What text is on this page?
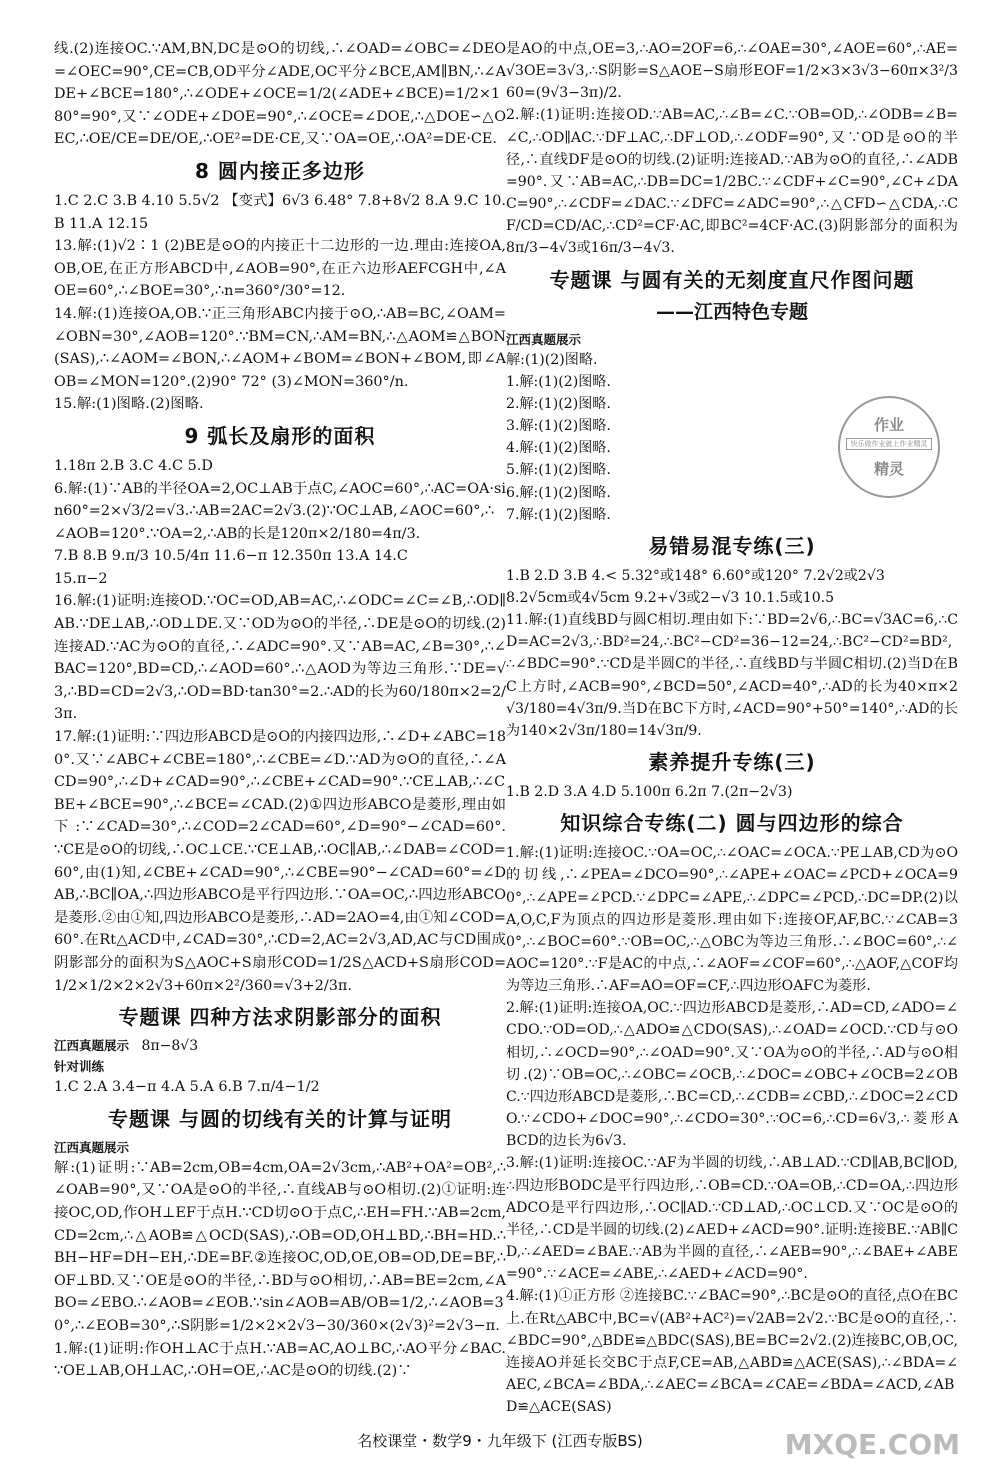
线.(2)连接OC.∵AM,BN,DC是⊙O的切线,∴∠OAD=∠OBC=∠DEO=∠OEC=90°,CE=CB,OD平分∠ADE,OC平分∠BCE,AM∥BN,∴∠ADE+∠BCE=180°,∴∠ODE+∠OCE=1/2(∠ADE+∠BCE)=1/2×180°=90°,又∵∠ODE+∠DOE=90°,∴∠OCE=∠DOE,∴△DOE∽△OEC,∴OE/CE=DE/OE,∴OE²=DE·CE,又∵OA=OE,∴OA²=DE·CE.

8 圆内接正多边形

1.C 2.C 3.B 4.10 5.5√2 【变式】6√3 6.48° 7.8+8√2 8.A 9.C 10.B 11.A 12.15

13.解:(1)√2∶1 (2)BE是⊙O的内接正十二边形的一边.理由:连接OA,OB,OE,在正方形ABCD中,∠AOB=90°,在正六边形AEFCGH中,∠AOE=60°,∴∠BOE=30°,∴n=360°/30°=12.

14.解:(1)连接OA,OB.∵正三角形ABC内接于⊙O,∴AB=BC,∠OAM=∠OBN=30°,∠AOB=120°.∵BM=CN,∴AM=BN,∴△AOM≌△BON(SAS),∴∠AOM=∠BON,∴∠AOM+∠BOM=∠BON+∠BOM,即∠AOB=∠MON=120°.(2)90° 72° (3)∠MON=360°/n.

15.解:(1)图略.(2)图略.

9 弧长及扇形的面积

1.18π 2.B 3.C 4.C 5.D

6.解:(1)∵AB的半径OA=2,OC⊥AB于点C,∠AOC=60°,∴AC=OA·sin60°=2×√3/2=√3.∴AB=2AC=2√3.(2)∵OC⊥AB,∠AOC=60°,∴∠AOB=120°.∵OA=2,∴AB的长是120π×2/180=4π/3.

7.B 8.B 9.π/3 10.5/4π 11.6−π 12.350π 13.A 14.C

15.π−2

16.解:(1)证明:连接OD.∵OC=OD,AB=AC,∴∠ODC=∠C=∠B,∴OD∥AB.∵DE⊥AB,∴OD⊥DE.又∵OD为⊙O的半径,∴DE是⊙O的切线.(2)连接AD.∵AC为⊙O的直径,∴∠ADC=90°.又∵AB=AC,∠B=30°,∴∠BAC=120°,BD=CD,∴∠AOD=60°.∴△AOD为等边三角形.∵DE=√3,∴BD=CD=2√3,∴OD=BD·tan30°=2.∴AD的长为60/180π×2=2/3π.

17.解:(1)证明:∵四边形ABCD是⊙O的内接四边形,∴∠D+∠ABC=180°.又∵∠ABC+∠CBE=180°,∴∠CBE=∠D.∵AD为⊙O的直径,∴∠ACD=90°,∴∠D+∠CAD=90°,∴∠CBE+∠CAD=90°.∵CE⊥AB,∴∠CBE+∠BCE=90°,∴∠BCE=∠CAD.(2)①四边形ABCO是菱形,理由如下:∵∠CAD=30°,∴∠COD=2∠CAD=60°,∠D=90°−∠CAD=60°.∵CE是⊙O的切线,∴OC⊥CE.∵CE⊥AB,∴OC∥AB,∴∠DAB=∠COD=60°,由(1)知,∠CBE+∠CAD=90°,∴∠CBE=90°−∠CAD=60°=∠DAB,∴BC∥OA,∴四边形ABCO是平行四边形.∵OA=OC,∴四边形ABCO是菱形.②由①知,四边形ABCO是菱形,∴AD=2AO=4,由①知∠COD=60°.在Rt△ACD中,∠CAD=30°,∴CD=2,AC=2√3,AD,AC与CD围成阴影部分的面积为S△AOC+S扇形COD=1/2S△ACD+S扇形COD=1/2×1/2×2×2√3+60π×2²/360=√3+2/3π.

专题课 四种方法求阴影部分的面积
江西真题展示　 8π−8√3
针对训练

1.C 2.A 3.4−π 4.A 5.A 6.B 7.π/4−1/2

专题课 与圆的切线有关的计算与证明
江西真题展示

解:(1)证明:∵AB=2cm,OB=4cm,OA=2√3cm,∴AB²+OA²=OB²,∴∠OAB=90°,又∵OA是⊙O的半径,∴直线AB与⊙O相切.(2)①证明:连接OC,OD,作OH⊥EF于点H.∵CD切⊙O于点C,∴EH=FH.∵AB=2cm,CD=2cm,∴△AOB≌△OCD(SAS),∴OB=OD,OH⊥BD,∴BH=HD.∴BH−HF=DH−EH,∴DE=BF.②连接OC,OD,OE,OB=OD,DE=BF,∴OF⊥BD.又∵OE是⊙O的半径,∴BD与⊙O相切,∴AB=BE=2cm,∠ABO=∠EBO.∴∠AOB=∠EOB.∵sin∠AOB=AB/OB=1/2,∴∠AOB=30°,∴∠EOB=30°,∴S阴影=1/2×2×2√3−30/360×(2√3)²=2√3−π.

1.解:(1)证明:作OH⊥AC于点H.∵AB=AC,AO⊥BC,∴AO平分∠BAC.∵OE⊥AB,OH⊥AC,∴OH=OE,∴AC是⊙O的切线.(2)∵

是AO的中点,OE=3,∴AO=2OF=6,∴∠OAE=30°,∠AOE=60°,∴AE=√3OE=3√3,∴S阴影=S△AOE−S扇形EOF=1/2×3×3√3−60π×3²/360=(9√3−3π)/2.

2.解:(1)证明:连接OD.∵AB=AC,∴∠B=∠C.∵OB=OD,∴∠ODB=∠B=∠C,∴OD∥AC.∵DF⊥AC,∴DF⊥OD,∴∠ODF=90°,又∵OD是⊙O的半径,∴直线DF是⊙O的切线.(2)证明:连接AD.∵AB为⊙O的直径,∴∠ADB=90°.又∵AB=AC,∴DB=DC=1/2BC.∵∠CDF+∠C=90°,∠C+∠DAC=90°,∴∠CDF=∠DAC.∵∠DFC=∠ADC=90°,∴△CFD∽△CDA,∴CF/CD=CD/AC,∴CD²=CF·AC,即BC²=4CF·AC.(3)阴影部分的面积为8π/3−4√3或16π/3−4√3.

专题课 与圆有关的无刻度直尺作图问题
——江西特色专题
江西真题展示

解:(1)(2)图略.

1.解:(1)(2)图略.

2.解:(1)(2)图略.

3.解:(1)(2)图略.

4.解:(1)(2)图略.

5.解:(1)(2)图略.

6.解:(1)(2)图略.

7.解:(1)(2)图略.

易错易混专练(三)

1.B 2.D 3.B 4.< 5.32°或148° 6.60°或120° 7.2√2或2√3

8.2√5cm或4√5cm 9.2+√3或2−√3 10.1.5或10.5

11.解:(1)直线BD与圆C相切.理由如下:∵BD=2√6,∴BC=√3AC=6,∴CD=AC=2√3,∴BD²=24,∴BC²−CD²=36−12=24,∴BC²−CD²=BD²,∴∠BDC=90°.∵CD是半圆C的半径,∴直线BD与半圆C相切.(2)当D在BC上方时,∠ACB=90°,∠BCD=50°,∠ACD=40°,∴AD的长为40×π×2√3/180=4√3π/9.当D在BC下方时,∠ACD=90°+50°=140°,∴AD的长为140×2√3π/180=14√3π/9.

素养提升专练(三)

1.B 2.D 3.A 4.D 5.100π 6.2π 7.(2π−2√3)

知识综合专练(二) 圆与四边形的综合

1.解:(1)证明:连接OC.∵OA=OC,∴∠OAC=∠OCA.∵PE⊥AB,CD为⊙O的切线,∴∠PEA=∠DCO=90°,∴∠APE+∠OAC=∠PCD+∠OCA=90°,∴∠APE=∠PCD.∵∠DPC=∠APE,∴∠DPC=∠PCD,∴DC=DP.(2)以A,O,C,F为顶点的四边形是菱形.理由如下:连接OF,AF,BC.∵∠CAB=30°,∴∠BOC=60°.∵OB=OC,∴△OBC为等边三角形.∴∠BOC=60°,∴∠AOC=120°.∵F是AC的中点,∴∠AOF=∠COF=60°,∴△AOF,△COF均为等边三角形.∴AF=AO=OF=CF,∴四边形OAFC为菱形.

2.解:(1)证明:连接OA,OC.∵四边形ABCD是菱形,∴AD=CD,∠ADO=∠CDO.∵OD=OD,∴△ADO≌△CDO(SAS),∴∠OAD=∠OCD.∵CD与⊙O相切,∴∠OCD=90°,∴∠OAD=90°.又∵OA为⊙O的半径,∴AD与⊙O相切.(2)∵OB=OC,∴∠OBC=∠OCB,∴∠DOC=∠OBC+∠OCB=2∠OBC.∵四边形ABCD是菱形,∴BC=CD,∴∠CDB=∠CBD,∴∠DOC=2∠CDO.∵∠CDO+∠DOC=90°,∴∠CDO=30°.∵OC=6,∴CD=6√3,∴菱形ABCD的边长为6√3.

3.解:(1)证明:连接OC.∵AF为半圆的切线,∴AB⊥AD.∵CD∥AB,BC∥OD,∴四边形BODC是平行四边形,∴OB=CD.∵OA=OB,∴CD=OA,∴四边形ADCO是平行四边形,∴OC∥AD.∵CD⊥AD,∴OC⊥CD.又∵OC是⊙O的半径,∴CD是半圆的切线.(2)∠AED+∠ACD=90°.证明:连接BE.∵AB∥CD,∴∠AED=∠BAE.∵AB为半圆的直径,∴∠AEB=90°,∴∠BAE+∠ABE=90°.∵∠ACE=∠ABE,∴∠AED+∠ACD=90°.

4.解:(1)①正方形 ②连接BC.∵∠BAC=90°,∴BC是⊙O的直径,点O在BC上.在Rt△ABC中,BC=√(AB²+AC²)=√2AB=2√2.∵BC是⊙O的直径,∴∠BDC=90°,△BDE≌△BDC(SAS),BE=BC=2√2.(2)连接BC,OB,OC,连接AO并延长交BC于点F,CE=AB,△ABD≌△ACE(SAS),∴∠BDA=∠AEC,∠BCA=∠BDA,∴∠AEC=∠BCA=∠CAE=∠BDA=∠ACD,∠ABD≌△ACE(SAS)

作业
快乐做作业就上作业精灵
精灵
名校课堂・数学9・九年级下 (江西专版BS)	MXQE.COM
